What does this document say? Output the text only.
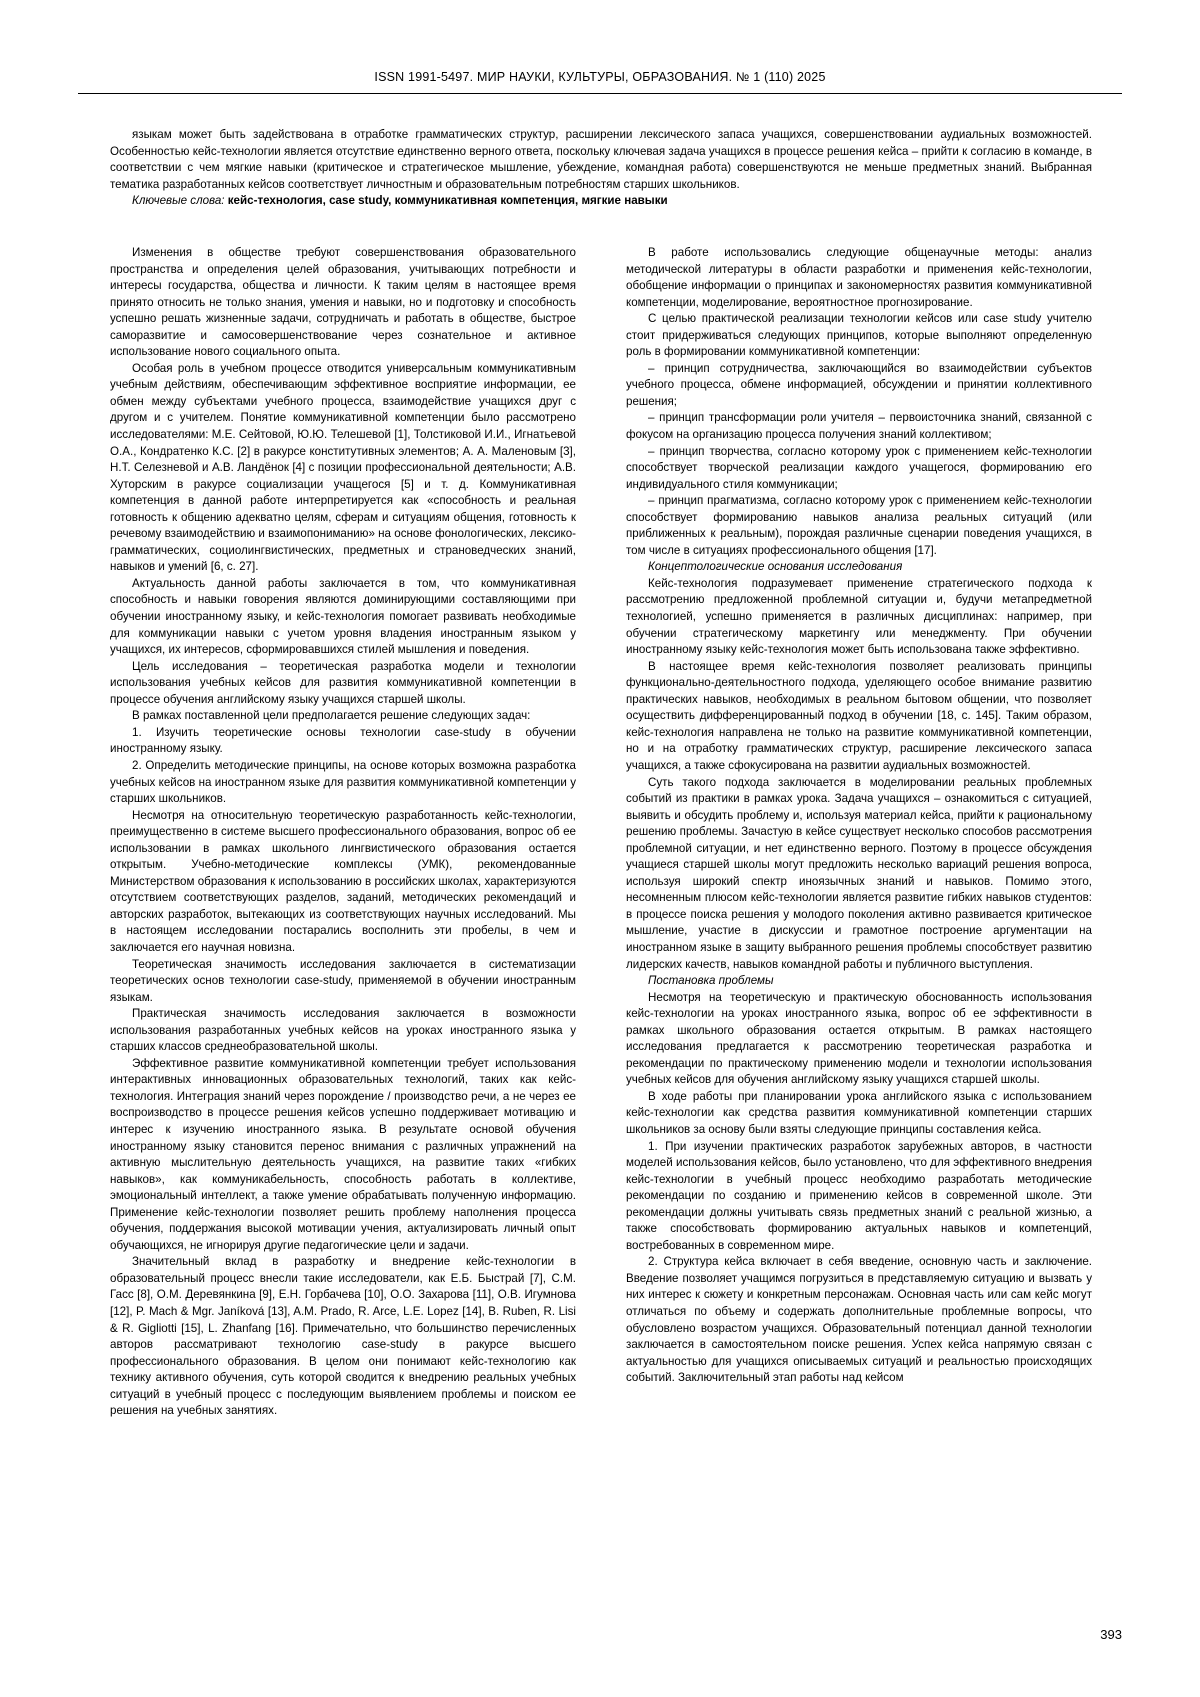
ISSN 1991-5497. МИР НАУКИ, КУЛЬТУРЫ, ОБРАЗОВАНИЯ. № 1 (110) 2025

языкам может быть задействована в отработке грамматических структур, расширении лексического запаса учащихся, совершенствовании аудиальных возможностей. Особенностью кейс-технологии является отсутствие единственно верного ответа, поскольку ключевая задача учащихся в процессе решения кейса – прийти к согласию в команде, в соответствии с чем мягкие навыки (критическое и стратегическое мышление, убеждение, командная работа) совершенствуются не меньше предметных знаний. Выбранная тематика разработанных кейсов соответствует личностным и образовательным потребностям старших школьников.

Ключевые слова: кейс-технология, case study, коммуникативная компетенция, мягкие навыки

Изменения в обществе требуют совершенствования образовательного пространства и определения целей образования, учитывающих потребности и интересы государства, общества и личности. К таким целям в настоящее время принято относить не только знания, умения и навыки, но и подготовку и способность успешно решать жизненные задачи, сотрудничать и работать в обществе, быстрое саморазвитие и самосовершенствование через сознательное и активное использование нового социального опыта.

Особая роль в учебном процессе отводится универсальным коммуникативным учебным действиям, обеспечивающим эффективное восприятие информации, ее обмен между субъектами учебного процесса, взаимодействие учащихся друг с другом и с учителем. Понятие коммуникативной компетенции было рассмотрено исследователями: М.Е. Сейтовой, Ю.Ю. Телешевой [1], Толстиковой И.И., Игнатьевой О.А., Кондратенко К.С. [2] в ракурсе конститутивных элементов; А. А. Маленовым [3], Н.Т. Селезневой и А.В. Ландёнок [4] с позиции профессиональной деятельности; А.В. Хуторским в ракурсе социализации учащегося [5] и т. д. Коммуникативная компетенция в данной работе интерпретируется как «способность и реальная готовность к общению адекватно целям, сферам и ситуациям общения, готовность к речевому взаимодействию и взаимопониманию» на основе фонологических, лексико-грамматических, социолингвистических, предметных и страноведческих знаний, навыков и умений [6, с. 27].

Актуальность данной работы заключается в том, что коммуникативная способность и навыки говорения являются доминирующими составляющими при обучении иностранному языку, и кейс-технология помогает развивать необходимые для коммуникации навыки с учетом уровня владения иностранным языком у учащихся, их интересов, сформировавшихся стилей мышления и поведения.

Цель исследования – теоретическая разработка модели и технологии использования учебных кейсов для развития коммуникативной компетенции в процессе обучения английскому языку учащихся старшей школы.

В рамках поставленной цели предполагается решение следующих задач:

1. Изучить теоретические основы технологии case-study в обучении иностранному языку.

2. Определить методические принципы, на основе которых возможна разработка учебных кейсов на иностранном языке для развития коммуникативной компетенции у старших школьников.

Несмотря на относительную теоретическую разработанность кейс-технологии, преимущественно в системе высшего профессионального образования, вопрос об ее использовании в рамках школьного лингвистического образования остается открытым. Учебно-методические комплексы (УМК), рекомендованные Министерством образования к использованию в российских школах, характеризуются отсутствием соответствующих разделов, заданий, методических рекомендаций и авторских разработок, вытекающих из соответствующих научных исследований. Мы в настоящем исследовании постарались восполнить эти пробелы, в чем и заключается его научная новизна.

Теоретическая значимость исследования заключается в систематизации теоретических основ технологии case-study, применяемой в обучении иностранным языкам.

Практическая значимость исследования заключается в возможности использования разработанных учебных кейсов на уроках иностранного языка у старших классов среднеобразовательной школы.

Эффективное развитие коммуникативной компетенции требует использования интерактивных инновационных образовательных технологий, таких как кейс-технология. Интеграция знаний через порождение / производство речи, а не через ее воспроизводство в процессе решения кейсов успешно поддерживает мотивацию и интерес к изучению иностранного языка. В результате основой обучения иностранному языку становится перенос внимания с различных упражнений на активную мыслительную деятельность учащихся, на развитие таких «гибких навыков», как коммуникабельность, способность работать в коллективе, эмоциональный интеллект, а также умение обрабатывать полученную информацию. Применение кейс-технологии позволяет решить проблему наполнения процесса обучения, поддержания высокой мотивации учения, актуализировать личный опыт обучающихся, не игнорируя другие педагогические цели и задачи.

Значительный вклад в разработку и внедрение кейс-технологии в образовательный процесс внесли такие исследователи, как Е.Б. Быстрай [7], С.М. Гасс [8], О.М. Деревянкина [9], Е.Н. Горбачева [10], О.О. Захарова [11], О.В. Игумнова [12], P. Mach & Mgr. Janíková [13], A.M. Prado, R. Arce, L.E. Lopez [14], B. Ruben, R. Lisi & R. Gigliotti [15], L. Zhanfang [16]. Примечательно, что большинство перечисленных авторов рассматривают технологию case-study в ракурсе высшего профессионального образования. В целом они понимают кейс-технологию как технику активного обучения, суть которой сводится к внедрению реальных учебных ситуаций в учебный процесс с последующим выявлением проблемы и поиском ее решения на учебных занятиях.

В работе использовались следующие общенаучные методы: анализ методической литературы в области разработки и применения кейс-технологии, обобщение информации о принципах и закономерностях развития коммуникативной компетенции, моделирование, вероятностное прогнозирование.

С целью практической реализации технологии кейсов или case study учителю стоит придерживаться следующих принципов, которые выполняют определенную роль в формировании коммуникативной компетенции:

– принцип сотрудничества, заключающийся во взаимодействии субъектов учебного процесса, обмене информацией, обсуждении и принятии коллективного решения;

– принцип трансформации роли учителя – первоисточника знаний, связанной с фокусом на организацию процесса получения знаний коллективом;

– принцип творчества, согласно которому урок с применением кейс-технологии способствует творческой реализации каждого учащегося, формированию его индивидуального стиля коммуникации;

– принцип прагматизма, согласно которому урок с применением кейс-технологии способствует формированию навыков анализа реальных ситуаций (или приближенных к реальным), порождая различные сценарии поведения учащихся, в том числе в ситуациях профессионального общения [17].

Концептологические основания исследования

Кейс-технология подразумевает применение стратегического подхода к рассмотрению предложенной проблемной ситуации и, будучи метапредметной технологией, успешно применяется в различных дисциплинах: например, при обучении стратегическому маркетингу или менеджменту. При обучении иностранному языку кейс-технология может быть использована также эффективно.

В настоящее время кейс-технология позволяет реализовать принципы функционально-деятельностного подхода, уделяющего особое внимание развитию практических навыков, необходимых в реальном бытовом общении, что позволяет осуществить дифференцированный подход в обучении [18, с. 145]. Таким образом, кейс-технология направлена не только на развитие коммуникативной компетенции, но и на отработку грамматических структур, расширение лексического запаса учащихся, а также сфокусирована на развитии аудиальных возможностей.

Суть такого подхода заключается в моделировании реальных проблемных событий из практики в рамках урока. Задача учащихся – ознакомиться с ситуацией, выявить и обсудить проблему и, используя материал кейса, прийти к рациональному решению проблемы. Зачастую в кейсе существует несколько способов рассмотрения проблемной ситуации, и нет единственно верного. Поэтому в процессе обсуждения учащиеся старшей школы могут предложить несколько вариаций решения вопроса, используя широкий спектр иноязычных знаний и навыков. Помимо этого, несомненным плюсом кейс-технологии является развитие гибких навыков студентов: в процессе поиска решения у молодого поколения активно развивается критическое мышление, участие в дискуссии и грамотное построение аргументации на иностранном языке в защиту выбранного решения проблемы способствует развитию лидерских качеств, навыков командной работы и публичного выступления.

Постановка проблемы

Несмотря на теоретическую и практическую обоснованность использования кейс-технологии на уроках иностранного языка, вопрос об ее эффективности в рамках школьного образования остается открытым. В рамках настоящего исследования предлагается к рассмотрению теоретическая разработка и рекомендации по практическому применению модели и технологии использования учебных кейсов для обучения английскому языку учащихся старшей школы.

В ходе работы при планировании урока английского языка с использованием кейс-технологии как средства развития коммуникативной компетенции старших школьников за основу были взяты следующие принципы составления кейса.

1. При изучении практических разработок зарубежных авторов, в частности моделей использования кейсов, было установлено, что для эффективного внедрения кейс-технологии в учебный процесс необходимо разработать методические рекомендации по созданию и применению кейсов в современной школе. Эти рекомендации должны учитывать связь предметных знаний с реальной жизнью, а также способствовать формированию актуальных навыков и компетенций, востребованных в современном мире.

2. Структура кейса включает в себя введение, основную часть и заключение. Введение позволяет учащимся погрузиться в представляемую ситуацию и вызвать у них интерес к сюжету и конкретным персонажам. Основная часть или сам кейс могут отличаться по объему и содержать дополнительные проблемные вопросы, что обусловлено возрастом учащихся. Образовательный потенциал данной технологии заключается в самостоятельном поиске решения. Успех кейса напрямую связан с актуальностью для учащихся описываемых ситуаций и реальностью происходящих событий. Заключительный этап работы над кейсом

393
